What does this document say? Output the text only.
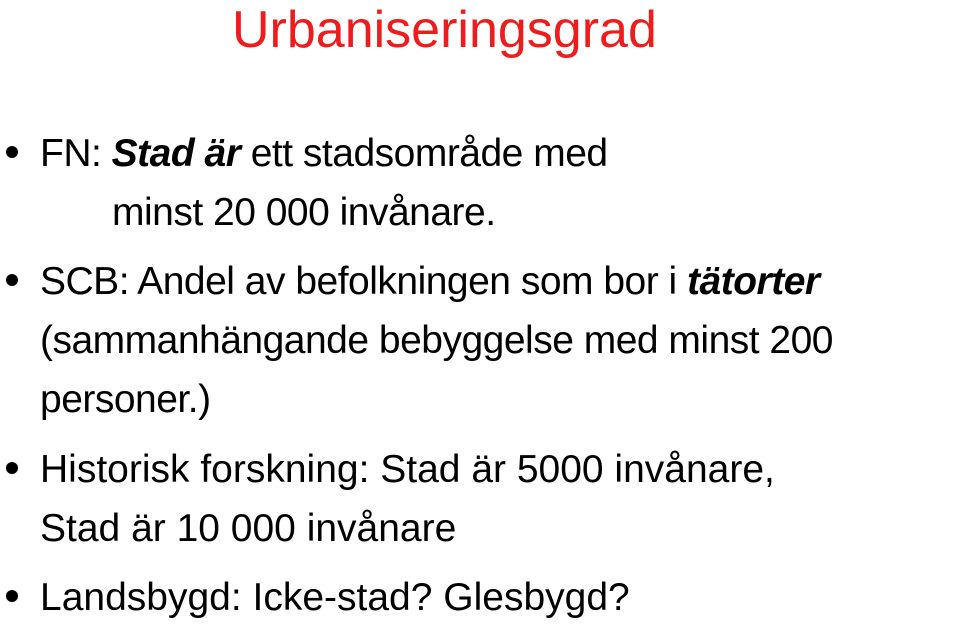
Urbaniseringsgrad
FN: Stad är ett stadsområde med
minst 20 000 invånare.
SCB: Andel av befolkningen som bor i tätorter
(sammanhängande bebyggelse med minst 200
personer.)
Historisk forskning: Stad är 5000 invånare,
Stad är 10 000 invånare
Landsbygd: Icke-stad? Glesbygd?
